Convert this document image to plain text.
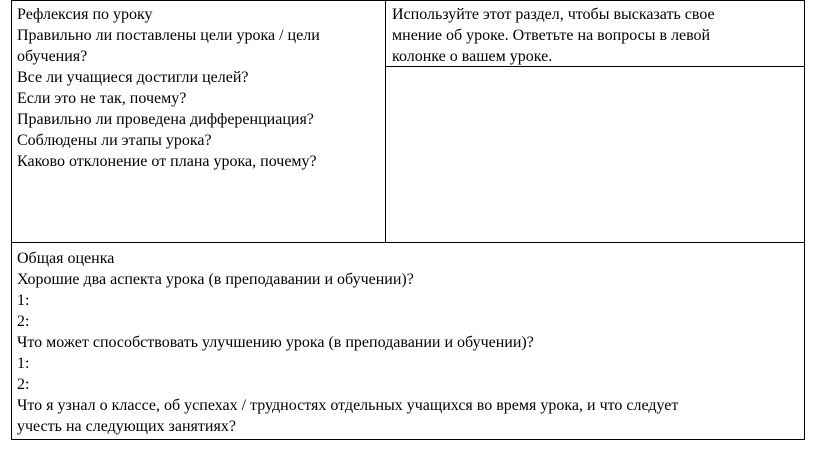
Рефлексия по уроку

Правильно ли поставлены цели урока / цели

обучения?

Все ли учащиеся достигли целей?

Если это не так, почему?

Правильно ли проведена дифференциация?

Соблюдены ли этапы урока?

Каково отклонение от плана урока, почему?

Используйте этот раздел, чтобы высказать свое

мнение об уроке. Ответьте на вопросы в левой

колонке о вашем уроке.

Общая оценка

Хорошие два аспекта урока (в преподавании и обучении)?

1:

2:

Что может способствовать улучшению урока (в преподавании и обучении)?

1:

2:

Что я узнал о классе, об успехах / трудностях отдельных учащихся во время урока, и что следует

учесть на следующих занятиях?
